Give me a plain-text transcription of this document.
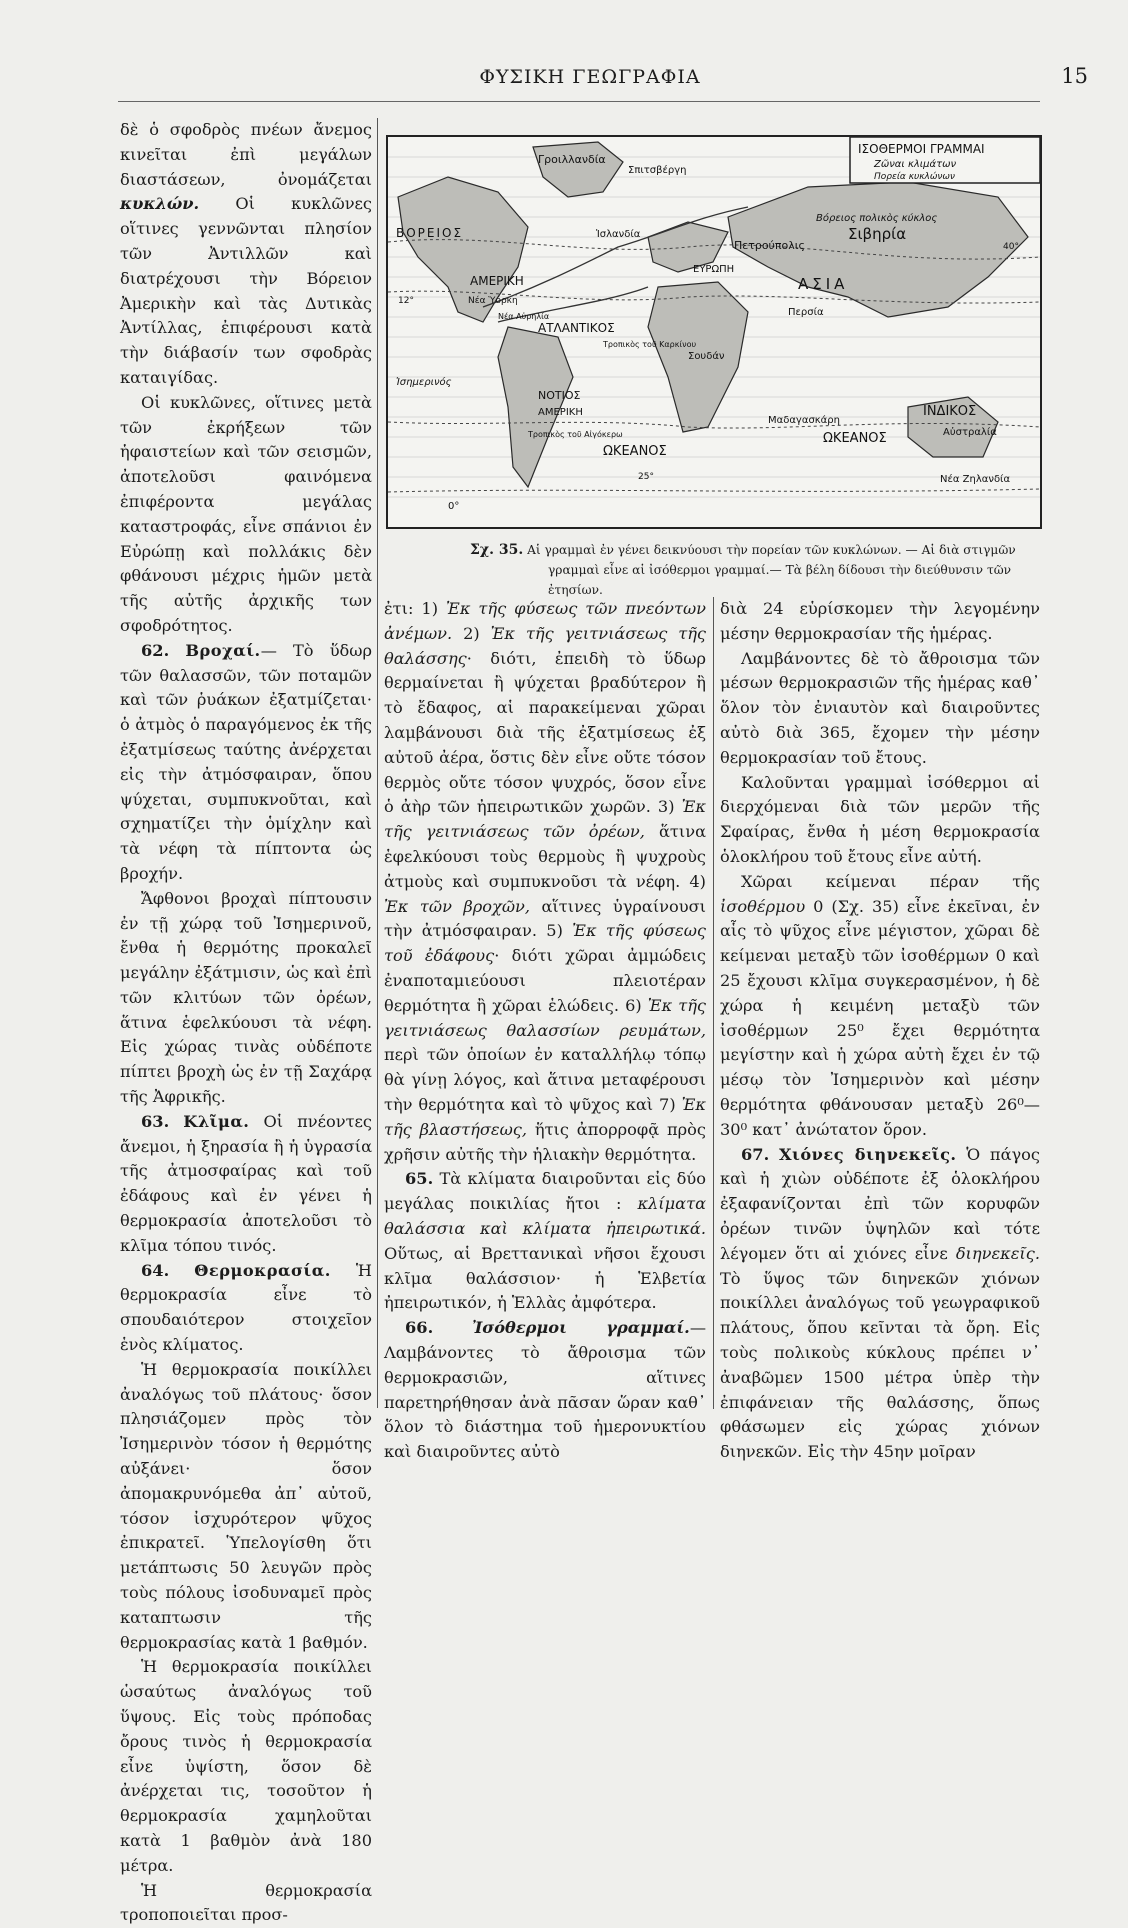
ΦΥΣΙΚΗ ΓΕΩΓΡΑΦΙΑ	15

δὲ ὁ σφοδρὸς πνέων ἄνεμος κινεῖται ἐπὶ μεγάλων διαστάσεων, ὀνομάζεται κυκλών. Οἱ κυκλῶνες οἵτινες γεννῶνται πλησίον τῶν Ἀντιλλῶν καὶ διατρέχουσι τὴν Βόρειον Ἀμερικὴν καὶ τὰς Δυτικὰς Ἀντίλλας, ἐπιφέρουσι κατὰ τὴν διάβασίν των σφοδρὰς καταιγίδας.

Οἱ κυκλῶνες, οἵτινες μετὰ τῶν ἐκρήξεων τῶν ἡφαιστείων καὶ τῶν σεισμῶν, ἀποτελοῦσι φαινόμενα ἐπιφέροντα μεγάλας καταστροφάς, εἶνε σπάνιοι ἐν Εὐρώπῃ καὶ πολλάκις δὲν φθάνουσι μέχρις ἡμῶν μετὰ τῆς αὐτῆς ἀρχικῆς των σφοδρότητος.

62. Βροχαί.— Τὸ ὕδωρ τῶν θαλασσῶν, τῶν ποταμῶν καὶ τῶν ῥυάκων ἐξατμίζεται· ὁ ἀτμὸς ὁ παραγόμενος ἐκ τῆς ἐξατμίσεως ταύτης ἀνέρχεται εἰς τὴν ἀτμόσφαιραν, ὅπου ψύχεται, συμπυκνοῦται, καὶ σχηματίζει τὴν ὁμίχλην καὶ τὰ νέφη τὰ πίπτοντα ὡς βροχήν.

Ἄφθονοι βροχαὶ πίπτουσιν ἐν τῇ χώρᾳ τοῦ Ἰσημερινοῦ, ἔνθα ἡ θερμότης προκαλεῖ μεγάλην ἐξάτμισιν, ὡς καὶ ἐπὶ τῶν κλιτύων τῶν ὀρέων, ἅτινα ἑφελκύουσι τὰ νέφη. Εἰς χώρας τινὰς οὐδέποτε πίπτει βροχὴ ὡς ἐν τῇ Σαχάρᾳ τῆς Ἀφρικῆς.

63. Κλῖμα. Οἱ πνέοντες ἄνεμοι, ἡ ξηρασία ἢ ἡ ὑγρασία τῆς ἀτμοσφαίρας καὶ τοῦ ἐδάφους καὶ ἐν γένει ἡ θερμοκρασία ἀποτελοῦσι τὸ κλῖμα τόπου τινός.

64. Θερμοκρασία. Ἡ θερμοκρασία εἶνε τὸ σπουδαιότερον στοιχεῖον ἑνὸς κλίματος.

Ἡ θερμοκρασία ποικίλλει ἀναλόγως τοῦ πλάτους· ὅσον πλησιάζομεν πρὸς τὸν Ἰσημερινὸν τόσον ἡ θερμότης αὐξάνει· ὅσον ἀπομακρυνόμεθα ἀπ᾿ αὐτοῦ, τόσον ἰσχυρότερον ψῦχος ἐπικρατεῖ. Ὑπελογίσθη ὅτι μετάπτωσις 50 λευγῶν πρὸς τοὺς πόλους ἰσοδυναμεῖ πρὸς καταπτωσιν τῆς θερμοκρασίας κατὰ 1 βαθμόν.

Ἡ θερμοκρασία ποικίλλει ὡσαύτως ἀναλόγως τοῦ ὕψους. Εἰς τοὺς πρόποδας ὄρους τινὸς ἡ θερμοκρασία εἶνε ὑψίστη, ὅσον δὲ ἀνέρχεται τις, τοσοῦτον ἡ θερμοκρασία χαμηλοῦται κατὰ 1 βαθμὸν ἀνὰ 180 μέτρα.

Ἡ θερμοκρασία τροποποιεῖται προσ-

ΙΣΟΘΕΡΜΟΙ ΓΡΑΜΜΑΙ
Ζῶναι κλιμάτων
Πορεία κυκλώνων
Γροιλλανδία
Σπιτσβέργη
Βόρειος πολικὸς κύκλος
Σιβηρία
ΒΟΡΕΙΟΣ	Ἰσλανδία
Πετρούπολις
ΑΜΕΡΙΚΗ
ΕΥΡΩΠΗ
ΑΣΙΑ
Νέα Ὑόρκη
Νέα Αὐρηλία
ΑΤΛΑΝΤΙΚΟΣ
Περσία
Τροπικὸς τοῦ Καρκίνου
Σουδάν
Ἰσημερινός
ΝΟΤΙΟΣ
ΑΜΕΡΙΚΗ	ΙΝΔΙΚΟΣ
Μαδαγασκάρη
Αὐστραλία
ΩΚΕΑΝΟΣ
ΩΚΕΑΝΟΣ
Νέα Ζηλανδία
Τροπικὸς τοῦ Αἰγόκερω
0°
12°
25°
40°
Σχ. 35. Αἱ γραμμαὶ ἐν γένει δεικνύουσι τὴν πορείαν τῶν κυκλώνων. — Αἱ διὰ στιγμῶν
γραμμαὶ εἶνε αἱ ἰσόθερμοι γραμμαί.— Τὰ βέλη δίδουσι τὴν διεύθυνσιν τῶν ἐτησίων.

ἐτι: 1) Ἐκ τῆς φύσεως τῶν πνεόντων ἀνέμων. 2) Ἐκ τῆς γειτνιάσεως τῆς θαλάσσης· διότι, ἐπειδὴ τὸ ὕδωρ θερμαίνεται ἢ ψύχεται βραδύτερον ἢ τὸ ἔδαφος, αἱ παρακείμεναι χῶραι λαμβάνουσι διὰ τῆς ἐξατμίσεως ἐξ αὐτοῦ ἀέρα, ὅστις δὲν εἶνε οὔτε τόσον θερμὸς οὔτε τόσον ψυχρός, ὅσον εἶνε ὁ ἀὴρ τῶν ἠπειρωτικῶν χωρῶν. 3) Ἐκ τῆς γειτνιάσεως τῶν ὀρέων, ἅτινα ἑφελκύουσι τοὺς θερμοὺς ἢ ψυχροὺς ἀτμοὺς καὶ συμπυκνοῦσι τὰ νέφη. 4) Ἐκ τῶν βροχῶν, αἵτινες ὑγραίνουσι τὴν ἀτμόσφαιραν. 5) Ἐκ τῆς φύσεως τοῦ ἐδάφους· διότι χῶραι ἀμμώδεις ἐναποταμιεύουσι πλειοτέραν θερμότητα ἢ χῶραι ἑλώδεις. 6) Ἐκ τῆς γειτνιάσεως θαλασσίων ρευμάτων, περὶ τῶν ὁποίων ἐν καταλλήλῳ τόπῳ θὰ γίνῃ λόγος, καὶ ἅτινα μεταφέρουσι τὴν θερμότητα καὶ τὸ ψῦχος καὶ 7) Ἐκ τῆς βλαστήσεως, ἥτις ἀπορροφᾷ πρὸς χρῆσιν αὐτῆς τὴν ἡλιακὴν θερμότητα.

65. Τὰ κλίματα διαιροῦνται εἰς δύο μεγάλας ποικιλίας ἤτοι : κλίματα θαλάσσια καὶ κλίματα ἠπειρωτικά. Οὕτως, αἱ Βρεττανικαὶ νῆσοι ἔχουσι κλῖμα θαλάσσιον· ἡ Ἑλβετία ἠπειρωτικόν, ἡ Ἑλλὰς ἀμφότερα.

66. Ἰσόθερμοι γραμμαί.— Λαμβάνοντες τὸ ἄθροισμα τῶν θερμοκρασιῶν, αἵτινες παρετηρήθησαν ἀνὰ πᾶσαν ὥραν καθ᾿ ὅλον τὸ διάστημα τοῦ ἡμερονυκτίου καὶ διαιροῦντες αὐτὸ

διὰ 24 εὑρίσκομεν τὴν λεγομένην μέσην θερμοκρασίαν τῆς ἡμέρας.

Λαμβάνοντες δὲ τὸ ἄθροισμα τῶν μέσων θερμοκρασιῶν τῆς ἡμέρας καθ᾿ ὅλον τὸν ἐνιαυτὸν καὶ διαιροῦντες αὐτὸ διὰ 365, ἔχομεν τὴν μέσην θερμοκρασίαν τοῦ ἔτους.

Καλοῦνται γραμμαὶ ἰσόθερμοι αἱ διερχόμεναι διὰ τῶν μερῶν τῆς Σφαίρας, ἔνθα ἡ μέση θερμοκρασία ὁλοκλήρου τοῦ ἔτους εἶνε αὐτή.

Χῶραι κείμεναι πέραν τῆς ἰσοθέρμου 0 (Σχ. 35) εἶνε ἐκεῖναι, ἐν αἷς τὸ ψῦχος εἶνε μέγιστον, χῶραι δὲ κείμεναι μεταξὺ τῶν ἰσοθέρμων 0 καὶ 25 ἔχουσι κλῖμα συγκερασμένον, ἡ δὲ χώρα ἡ κειμένη μεταξὺ τῶν ἰσοθέρμων 25⁰ ἔχει θερμότητα μεγίστην καὶ ἡ χώρα αὐτὴ ἔχει ἐν τῷ μέσῳ τὸν Ἰσημερινὸν καὶ μέσην θερμότητα φθάνουσαν μεταξὺ 26⁰—30⁰ κατ᾿ ἀνώτατον ὅρον.

67. Χιόνες διηνεκεῖς. Ὁ πάγος καὶ ἡ χιὼν οὐδέποτε ἐξ ὁλοκλήρου ἐξαφανίζονται ἐπὶ τῶν κορυφῶν ὀρέων τινῶν ὑψηλῶν καὶ τότε λέγομεν ὅτι αἱ χιόνες εἶνε διηνεκεῖς. Τὸ ὕψος τῶν διηνεκῶν χιόνων ποικίλλει ἀναλόγως τοῦ γεωγραφικοῦ πλάτους, ὅπου κεῖνται τὰ ὄρη. Εἰς τοὺς πολικοὺς κύκλους πρέπει ν᾿ ἀναβῶμεν 1500 μέτρα ὑπὲρ τὴν ἐπιφάνειαν τῆς θαλάσσης, ὅπως φθάσωμεν εἰς χώρας χιόνων διηνεκῶν. Εἰς τὴν 45ην μοῖραν
